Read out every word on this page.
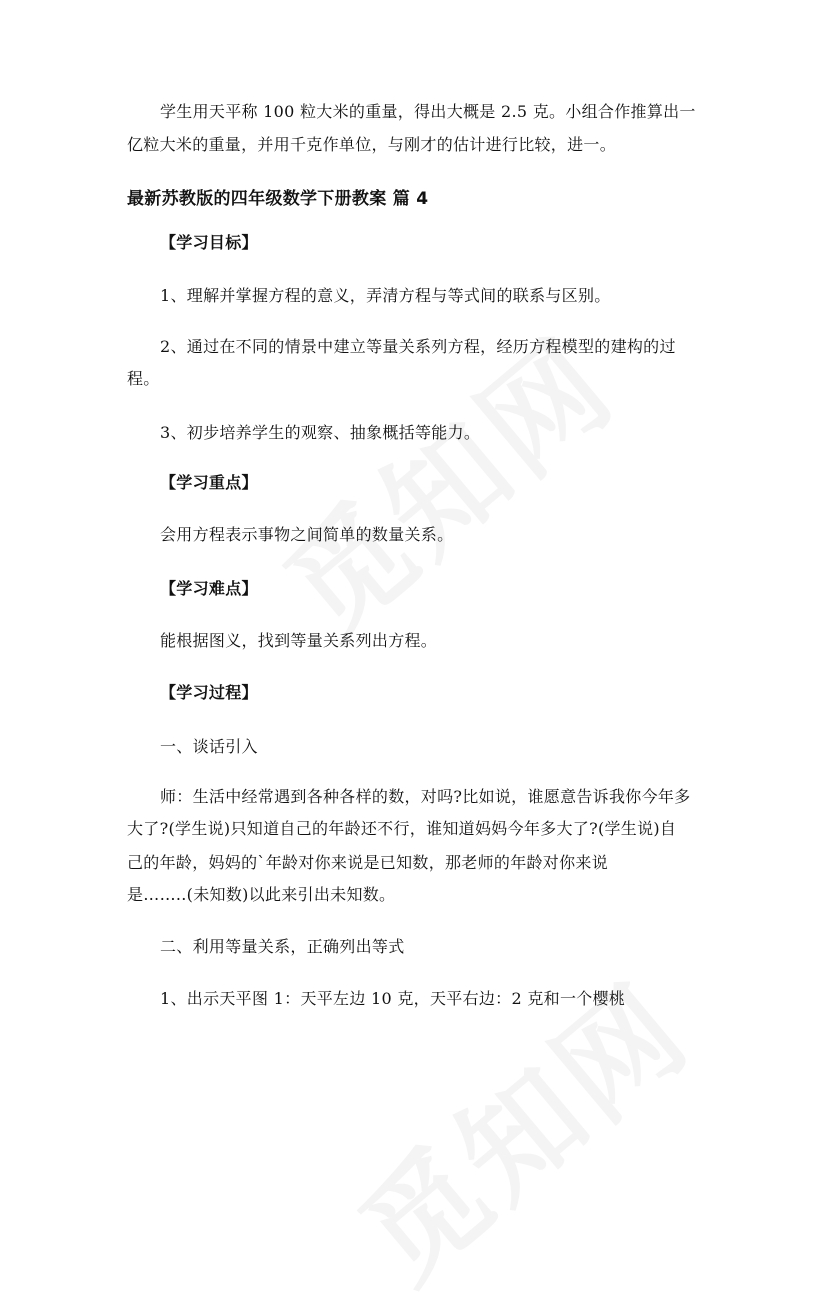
学生用天平称 100 粒大米的重量，得出大概是 2.5 克。小组合作推算出一
亿粒大米的重量，并用千克作单位，与刚才的估计进行比较，进一。
最新苏教版的四年级数学下册教案 篇 4
【学习目标】
1、理解并掌握方程的意义，弄清方程与等式间的联系与区别。
2、通过在不同的情景中建立等量关系列方程，经历方程模型的建构的过
程。
3、初步培养学生的观察、抽象概括等能力。
【学习重点】
会用方程表示事物之间简单的数量关系。
【学习难点】
能根据图义，找到等量关系列出方程。
【学习过程】
一、谈话引入
师：生活中经常遇到各种各样的数，对吗?比如说，谁愿意告诉我你今年多
大了?(学生说)只知道自己的年龄还不行，谁知道妈妈今年多大了?(学生说)自
己的年龄，妈妈的`年龄对你来说是已知数，那老师的年龄对你来说
是……..(未知数)以此来引出未知数。
二、利用等量关系，正确列出等式
1、出示天平图 1：天平左边 10 克，天平右边：2 克和一个樱桃
